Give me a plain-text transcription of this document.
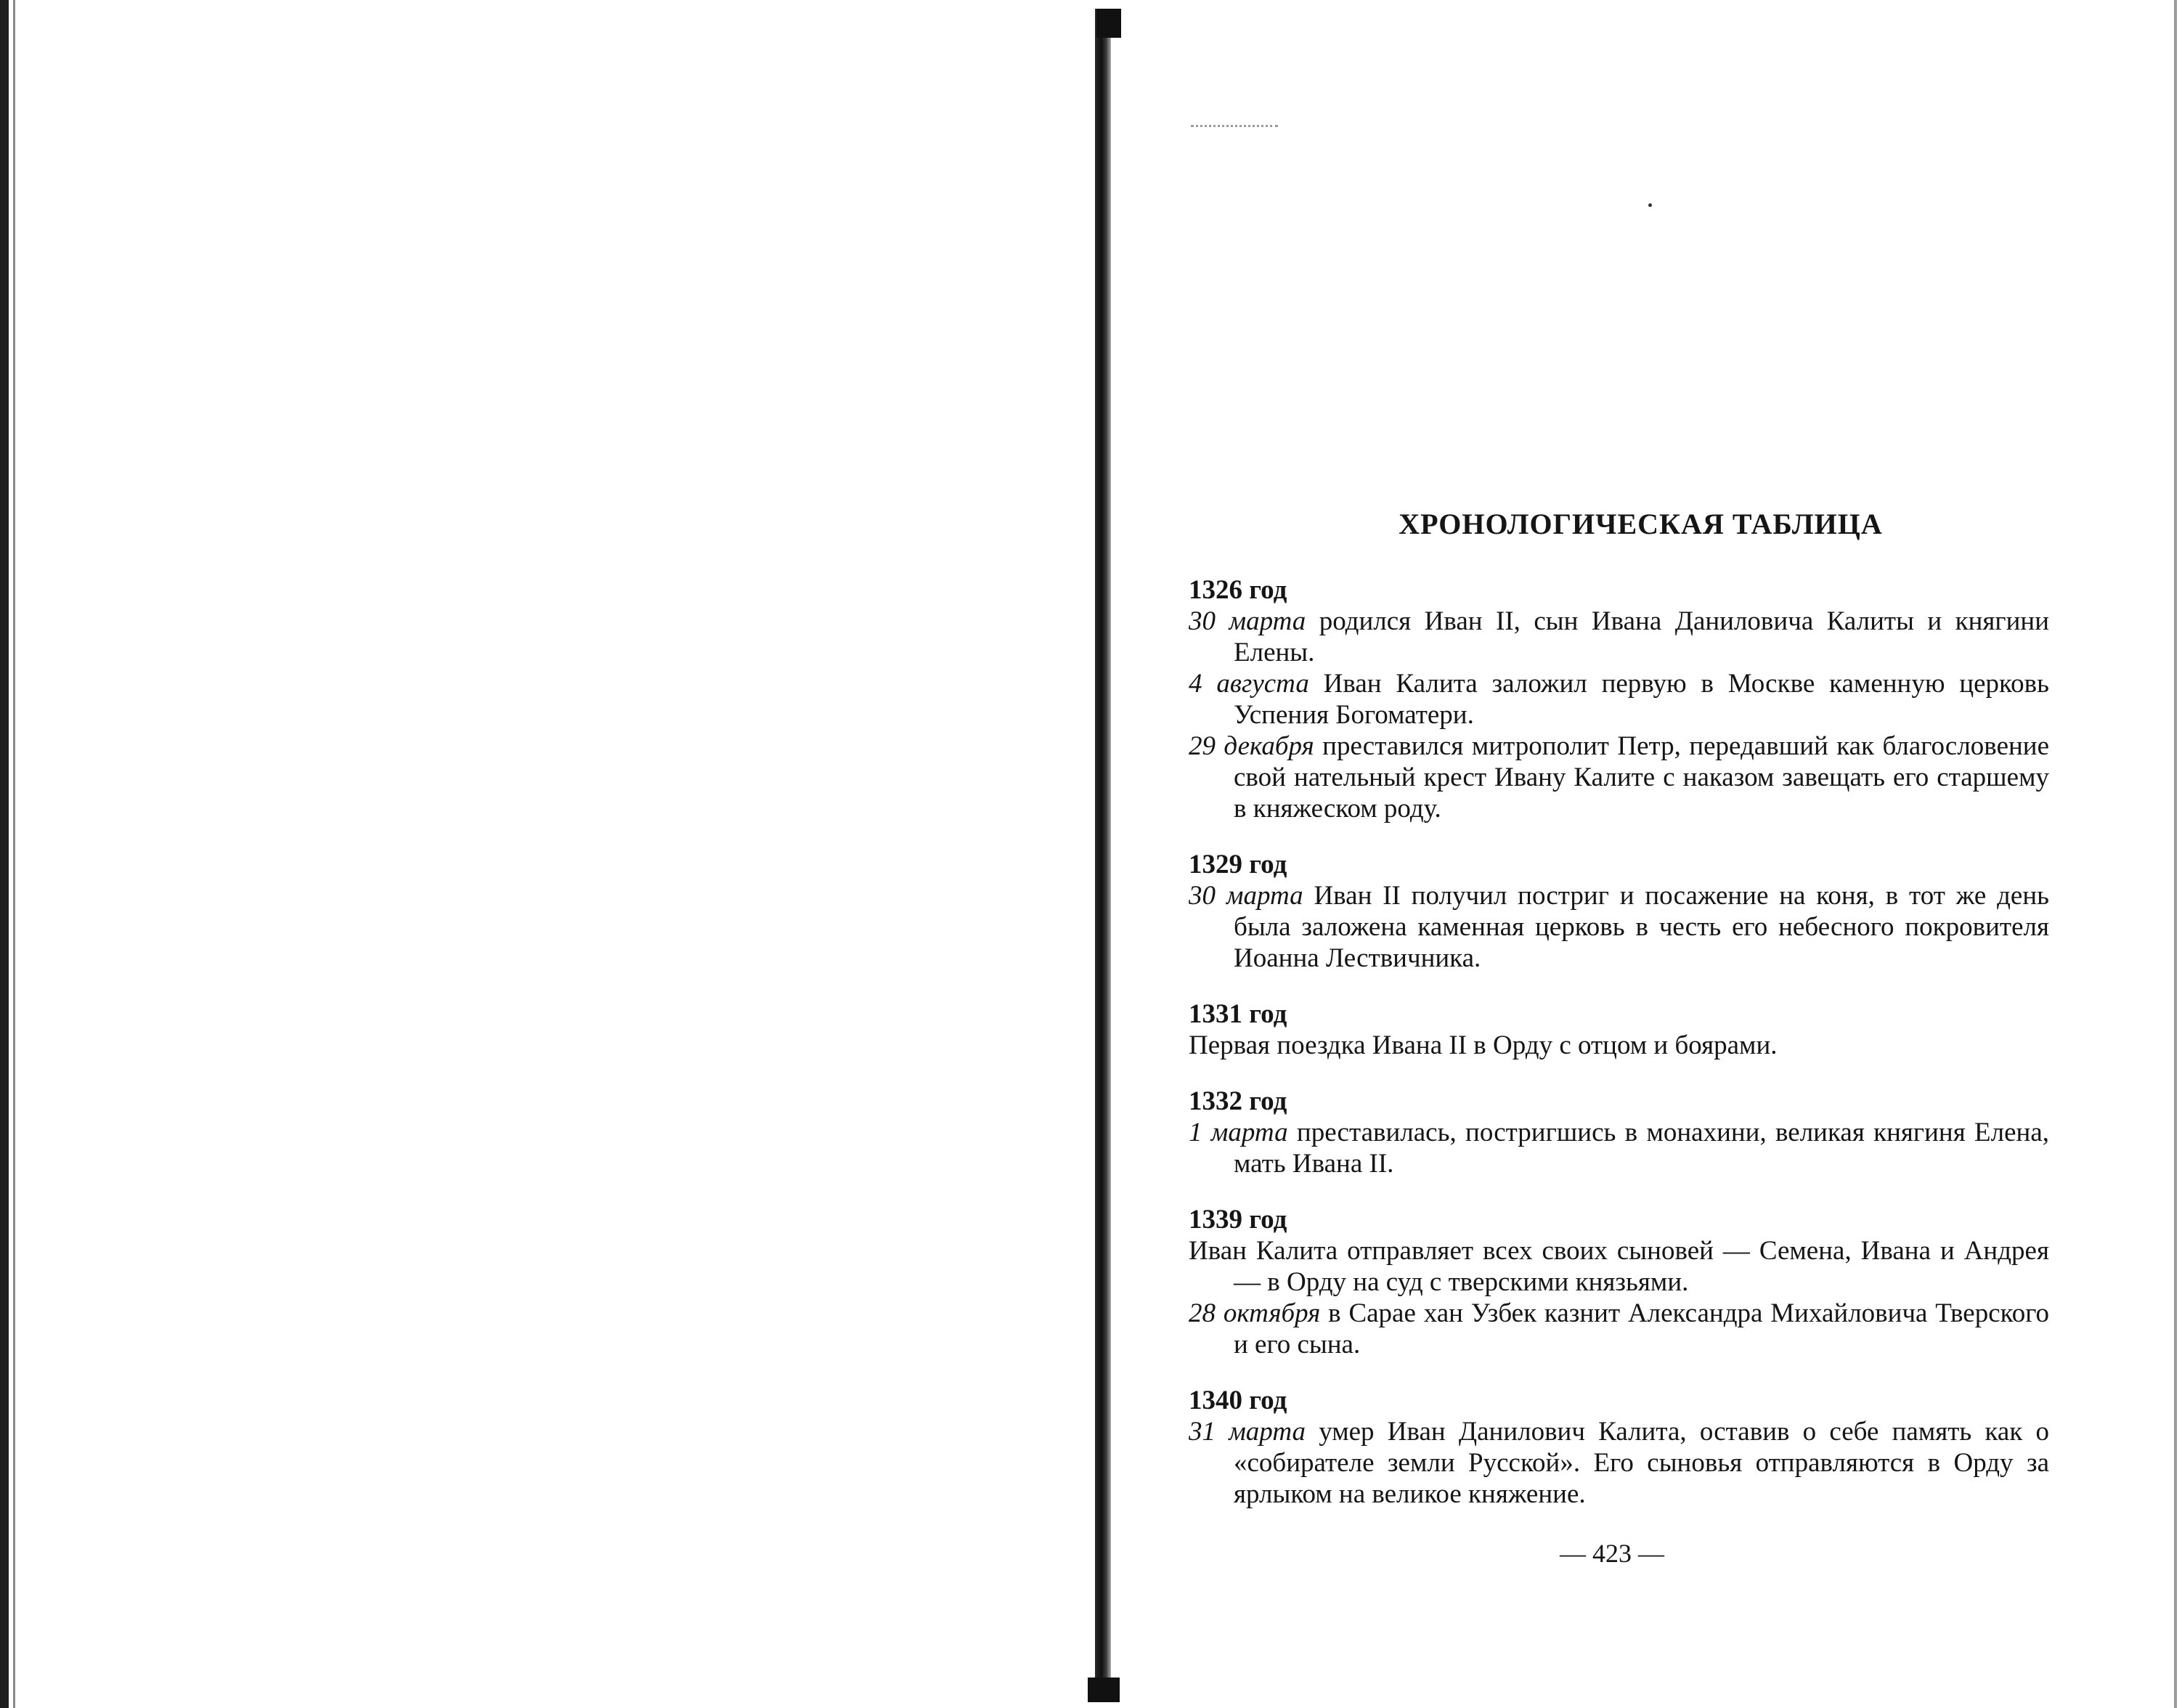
ХРОНОЛОГИЧЕСКАЯ ТАБЛИЦА

1326 год

30 марта родился Иван II, сын Ивана Даниловича Калиты и княгини Елены.

4 августа Иван Калита заложил первую в Москве каменную церковь Успения Богоматери.

29 декабря преставился митрополит Петр, передавший как благословение свой нательный крест Ивану Калите с наказом завещать его старшему в княжеском роду.

1329 год

30 марта Иван II получил постриг и посажение на коня, в тот же день была заложена каменная церковь в честь его небесного покровителя Иоанна Лествичника.

1331 год

Первая поездка Ивана II в Орду с отцом и боярами.

1332 год

1 марта преставилась, постригшись в монахини, великая княгиня Елена, мать Ивана II.

1339 год

Иван Калита отправляет всех своих сыновей — Семена, Ивана и Андрея — в Орду на суд с тверскими князьями.

28 октября в Сарае хан Узбек казнит Александра Михайловича Тверского и его сына.

1340 год

31 марта умер Иван Данилович Калита, оставив о себе память как о «собирателе земли Русской». Его сыновья отправляются в Орду за ярлыком на великое княжение.

— 423 —
